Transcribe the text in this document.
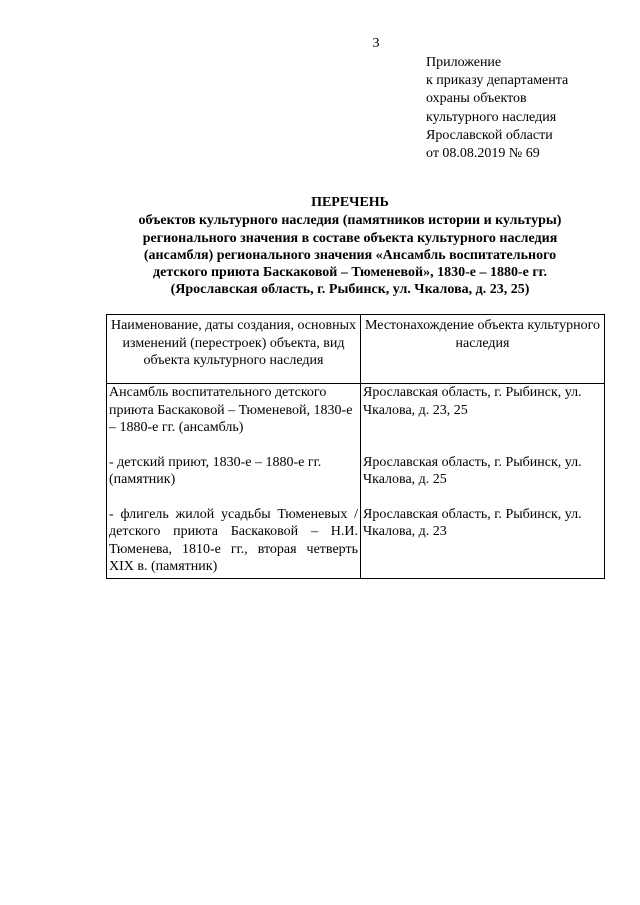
3
Приложение
к приказу департамента
охраны объектов
культурного наследия
Ярославской области
от 08.08.2019 № 69
ПЕРЕЧЕНЬ
объектов культурного наследия (памятников истории и культуры)
регионального значения в составе объекта культурного наследия
(ансамбля) регионального значения «Ансамбль воспитательного
детского приюта Баскаковой – Тюменевой», 1830-е – 1880-е гг.
(Ярославская область, г. Рыбинск, ул. Чкалова, д. 23, 25)
Наименование, даты создания, основных изменений (перестроек) объекта, вид объекта культурного наследия	Местонахождение объекта культурного наследия
Ансамбль воспитательного детского приюта Баскаковой – Тюменевой, 1830-е – 1880-е гг. (ансамбль)	Ярославская область, г. Рыбинск, ул. Чкалова, д. 23, 25

- детский приют, 1830-е – 1880-е гг. (памятник)	Ярославская область, г. Рыбинск, ул. Чкалова, д. 25

- флигель жилой усадьбы Тюменевых / детского приюта Баскаковой – Н.И. Тюменева, 1810-е гг., вторая четверть XIX в. (памятник)	Ярославская область, г. Рыбинск, ул. Чкалова, д. 23
